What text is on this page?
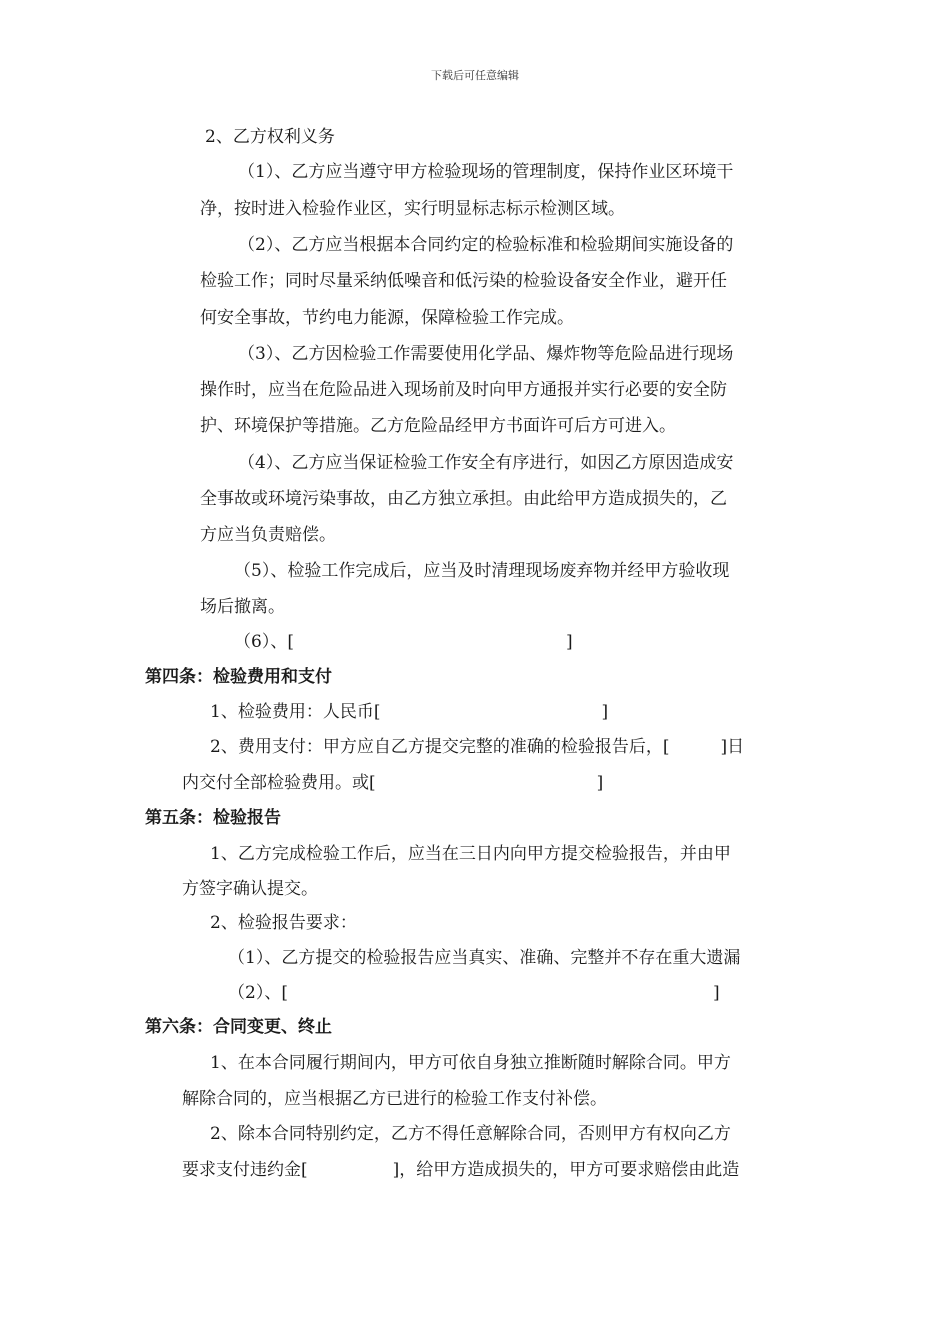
下载后可任意编辑
2、乙方权利义务
（1）、乙方应当遵守甲方检验现场的管理制度，保持作业区环境干
净，按时进入检验作业区，实行明显标志标示检测区域。
（2）、乙方应当根据本合同约定的检验标准和检验期间实施设备的
检验工作；同时尽量采纳低噪音和低污染的检验设备安全作业，避开任
何安全事故，节约电力能源，保障检验工作完成。
（3）、乙方因检验工作需要使用化学品、爆炸物等危险品进行现场
操作时，应当在危险品进入现场前及时向甲方通报并实行必要的安全防
护、环境保护等措施。乙方危险品经甲方书面许可后方可进入。
（4）、乙方应当保证检验工作安全有序进行，如因乙方原因造成安
全事故或环境污染事故，由乙方独立承担。由此给甲方造成损失的，乙
方应当负责赔偿。
（5）、检验工作完成后，应当及时清理现场废弃物并经甲方验收现
场后撤离。
（6）、[　　　　　　　　　　　　　　　　]
第四条：检验费用和支付
1、检验费用：人民币[　　　　　　　　　　　　　]
2、费用支付：甲方应自乙方提交完整的准确的检验报告后，[　　　]日
内交付全部检验费用。或[　　　　　　　　　　　　　]
第五条：检验报告
1、乙方完成检验工作后，应当在三日内向甲方提交检验报告，并由甲
方签字确认提交。
2、检验报告要求：
（1）、乙方提交的检验报告应当真实、准确、完整并不存在重大遗漏
（2）、[　　　　　　　　　　　　　　　　　　　　　　　　　]
第六条：合同变更、终止
1、在本合同履行期间内，甲方可依自身独立推断随时解除合同。甲方
解除合同的，应当根据乙方已进行的检验工作支付补偿。
2、除本合同特别约定，乙方不得任意解除合同，否则甲方有权向乙方
要求支付违约金[　　　　　]，给甲方造成损失的，甲方可要求赔偿由此造
